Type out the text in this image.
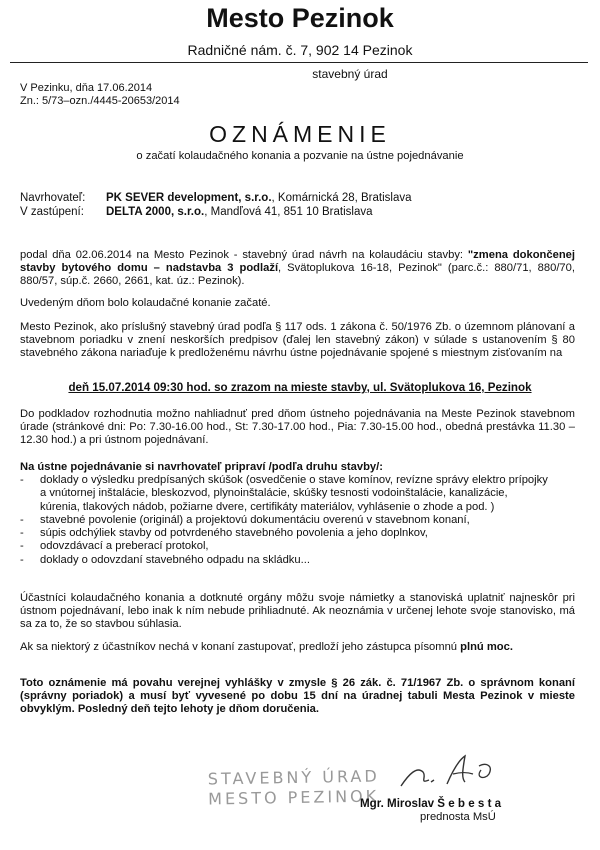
Mesto Pezinok
Radničné nám. č. 7, 902 14 Pezinok
stavebný úrad
V Pezinku, dňa 17.06.2014
Zn.: 5/73–ozn./4445-20653/2014
OZNÁMENIE
o začatí kolaudačného konania a pozvanie na ústne pojednávanie
Navrhovateľ: PK SEVER development, s.r.o., Komárnická 28, Bratislava
V zastúpení: DELTA 2000, s.r.o., Mandľová 41, 851 10 Bratislava
podal dňa 02.06.2014 na Mesto Pezinok - stavebný úrad návrh na kolaudáciu stavby: "zmena dokončenej stavby bytového domu – nadstavba 3 podlaží, Svätoplukova 16-18, Pezinok" (parc.č.: 880/71, 880/70, 880/57, súp.č. 2660, 2661, kat. úz.: Pezinok).
Uvedeným dňom bolo kolaudačné konanie začaté.
Mesto Pezinok, ako príslušný stavebný úrad podľa § 117 ods. 1 zákona č. 50/1976 Zb. o územnom plánovaní a stavebnom poriadku v znení neskorších predpisov (ďalej len stavebný zákon) v súlade s ustanovením § 80 stavebného zákona nariaďuje k predloženému návrhu ústne pojednávanie spojené s miestnym zisťovaním na
deň 15.07.2014 09:30 hod. so zrazom na mieste stavby, ul. Svätoplukova 16, Pezinok
Do podkladov rozhodnutia možno nahliadnuť pred dňom ústneho pojednávania na Meste Pezinok stavebnom úrade (stránkové dni: Po: 7.30-16.00 hod., St: 7.30-17.00 hod., Pia: 7.30-15.00 hod., obedná prestávka 11.30 – 12.30 hod.) a pri ústnom pojednávaní.
Na ústne pojednávanie si navrhovateľ pripraví /podľa druhu stavby/:
- doklady o výsledku predpísaných skúšok (osvedčenie o stave komínov, revízne správy elektro prípojky a vnútornej inštalácie, bleskozvod, plynoinštalácie, skúšky tesnosti vodoinštalácie, kanalizácie, kúrenia, tlakových nádob, požiarne dvere, certifikáty materiálov, vyhlásenie o zhode a pod. )
- stavebné povolenie (originál) a projektovú dokumentáciu overenú v stavebnom konaní,
- súpis odchýliek stavby od potvrdeného stavebného povolenia a jeho doplnkov,
- odovzdávací a preberací protokol,
- doklady o odovzdaní stavebného odpadu na skládku...
Účastníci kolaudačného konania a dotknuté orgány môžu svoje námietky a stanoviská uplatniť najneskôr pri ústnom pojednávaní, lebo inak k ním nebude prihliadnuté. Ak neoznámia v určenej lehote svoje stanovisko, má sa za to, že so stavbou súhlasia.
Ak sa niektorý z účastníkov nechá v konaní zastupovať, predloží jeho zástupca písomnú plnú moc.
Toto oznámenie má povahu verejnej vyhlášky v zmysle § 26 zák. č. 71/1967 Zb. o správnom konaní (správny poriadok) a musí byť vyvesené po dobu 15 dní na úradnej tabuli Mesta Pezinok v mieste obvyklým. Posledný deň tejto lehoty je dňom doručenia.
STAVEBNÝ ÚRAD
MESTO PEZINOK
Mgr. Miroslav Š e b e s t a
prednosta MsÚ
